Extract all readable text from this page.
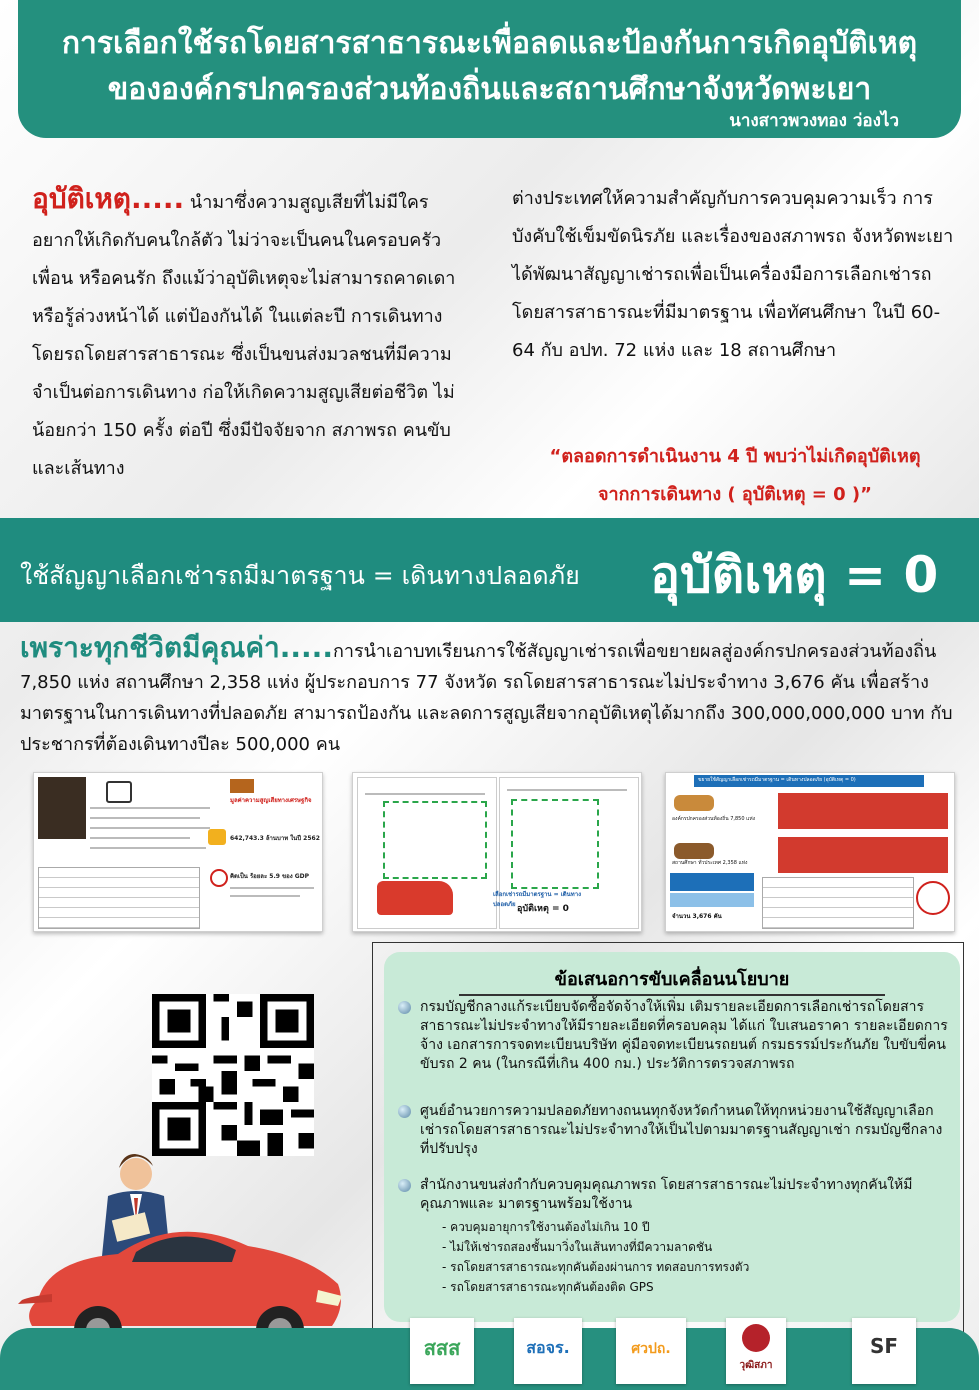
การเลือกใช้รถโดยสารสาธารณะเพื่อลดและป้องกันการเกิดอุบัติเหตุ
ขององค์กรปกครองส่วนท้องถิ่นและสถานศึกษาจังหวัดพะเยา
นางสาวพวงทอง ว่องไว
อุบัติเหตุ..... นำมาซึ่งความสูญเสียที่ไม่มีใครอยากให้เกิดกับคนใกล้ตัว ไม่ว่าจะเป็นคนในครอบครัว เพื่อน หรือคนรัก ถึงแม้ว่าอุบัติเหตุจะไม่สามารถคาดเดาหรือรู้ล่วงหน้าได้ แต่ป้องกันได้ ในแต่ละปี การเดินทางโดยรถโดยสารสาธารณะ ซึ่งเป็นขนส่งมวลชนที่มีความจำเป็นต่อการเดินทาง ก่อให้เกิดความสูญเสียต่อชีวิต ไม่น้อยกว่า 150 ครั้ง ต่อปี ซึ่งมีปัจจัยจาก สภาพรถ คนขับ และเส้นทาง
ต่างประเทศให้ความสำคัญกับการควบคุมความเร็ว การบังคับใช้เข็มขัดนิรภัย และเรื่องของสภาพรถ จังหวัดพะเยาได้พัฒนาสัญญาเช่ารถเพื่อเป็นเครื่องมือการเลือกเช่ารถโดยสารสาธารณะที่มีมาตรฐาน เพื่อทัศนศึกษา ในปี 60-64 กับ อปท. 72 แห่ง และ 18 สถานศึกษา
“ตลอดการดำเนินงาน 4 ปี พบว่าไม่เกิดอุบัติเหตุ
จากการเดินทาง ( อุบัติเหตุ = 0 )”
ใช้สัญญาเลือกเช่ารถมีมาตรฐาน = เดินทางปลอดภัย อุบัติเหตุ = 0
เพราะทุกชีวิตมีคุณค่า.....การนำเอาบทเรียนการใช้สัญญาเช่ารถเพื่อขยายผลสู่องค์กรปกครองส่วนท้องถิ่น 7,850 แห่ง สถานศึกษา 2,358 แห่ง ผู้ประกอบการ 77 จังหวัด รถโดยสารสาธารณะไม่ประจำทาง 3,676 คัน เพื่อสร้างมาตรฐานในการเดินทางที่ปลอดภัย สามารถป้องกัน และลดการสูญเสียจากอุบัติเหตุได้มากถึง 300,000,000,000 บาท กับประชากรที่ต้องเดินทางปีละ 500,000 คน
มูลค่าความสูญเสียทางเศรษฐกิจ
642,743.3 ล้านบาท ในปี 2562
คิดเป็น ร้อยละ 5.9 ของ GDP
เลือกเช่ารถมีมาตรฐาน = เดินทางปลอดภัย อุบัติเหตุ = 0
ขยายใช้สัญญาเลือกเช่ารถมีมาตรฐาน = เดินทางปลอดภัย (อุบัติเหตุ = 0)
องค์กรปกครองส่วนท้องถิ่น 7,850 แห่ง
สถานศึกษา ทั่วประเทศ 2,358 แห่ง
จำนวน 3,676 คัน
ข้อเสนอการขับเคลื่อนนโยบาย
กรมบัญชีกลางแก้ระเบียบจัดซื้อจัดจ้างให้เพิ่ม เติมรายละเอียดการเลือกเช่ารถโดยสารสาธารณะไม่ประจำทางให้มีรายละเอียดที่ครอบคลุม ได้แก่ ใบเสนอราคา รายละเอียดการจ้าง เอกสารการจดทะเบียนบริษัท คู่มือจดทะเบียนรถยนต์ กรมธรรม์ประกันภัย ใบขับขี่คนขับรถ 2 คน (ในกรณีที่เกิน 400 กม.) ประวัติการตรวจสภาพรถ
ศูนย์อำนวยการความปลอดภัยทางถนนทุกจังหวัดกำหนดให้ทุกหน่วยงานใช้สัญญาเลือกเช่ารถโดยสารสาธารณะไม่ประจำทางให้เป็นไปตามมาตรฐานสัญญาเช่า กรมบัญชีกลางที่ปรับปรุง
สำนักงานขนส่งกำกับควบคุมคุณภาพรถ โดยสารสาธารณะไม่ประจำทางทุกคันให้มีคุณภาพและ มาตรฐานพร้อมใช้งาน
- ควบคุมอายุการใช้งานต้องไม่เกิน 10 ปี
- ไม่ให้เช่ารถสองชั้นมาวิ่งในเส้นทางที่มีความลาดชัน
- รถโดยสารสาธารณะทุกคันต้องผ่านการ ทดสอบการทรงตัว
- รถโดยสารสาธารณะทุกคันต้องติด GPS
สสส	สอจร.	ศวปถ.
วุฒิสภา
SF
